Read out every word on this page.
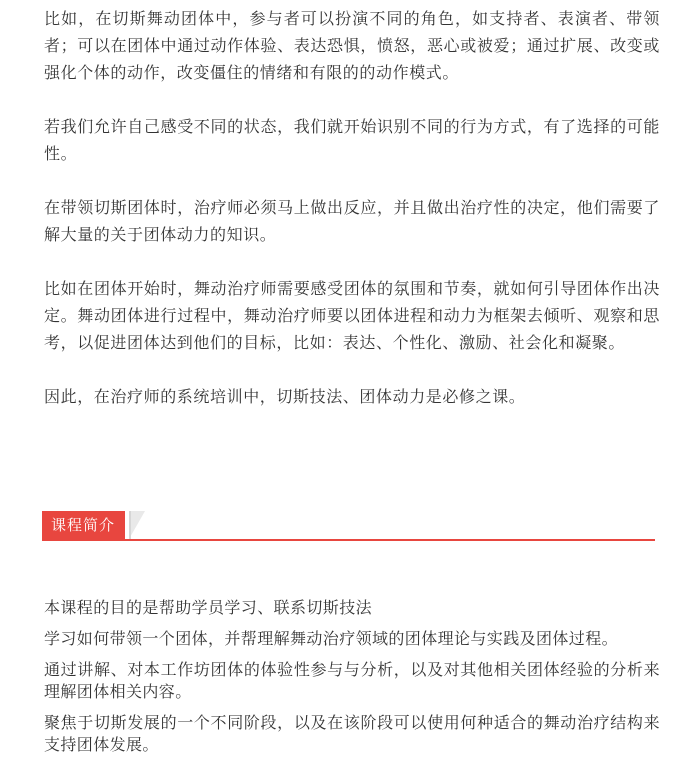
比如，在切斯舞动团体中，参与者可以扮演不同的角色，如支持者、表演者、带领者；可以在团体中通过动作体验、表达恐惧，愤怒，恶心或被爱；通过扩展、改变或强化个体的动作，改变僵住的情绪和有限的的动作模式。

若我们允许自己感受不同的状态，我们就开始识别不同的行为方式，有了选择的可能性。

在带领切斯团体时，治疗师必须马上做出反应，并且做出治疗性的决定，他们需要了解大量的关于团体动力的知识。

比如在团体开始时，舞动治疗师需要感受团体的氛围和节奏，就如何引导团体作出决定。舞动团体进行过程中，舞动治疗师要以团体进程和动力为框架去倾听、观察和思考，以促进团体达到他们的目标，比如：表达、个性化、激励、社会化和凝聚。

因此，在治疗师的系统培训中，切斯技法、团体动力是必修之课。

课程简介

本课程的目的是帮助学员学习、联系切斯技法

学习如何带领一个团体，并帮理解舞动治疗领域的团体理论与实践及团体过程。

通过讲解、对本工作坊团体的体验性参与与分析，以及对其他相关团体经验的分析来理解团体相关内容。

聚焦于切斯发展的一个不同阶段，以及在该阶段可以使用何种适合的舞动治疗结构来支持团体发展。
